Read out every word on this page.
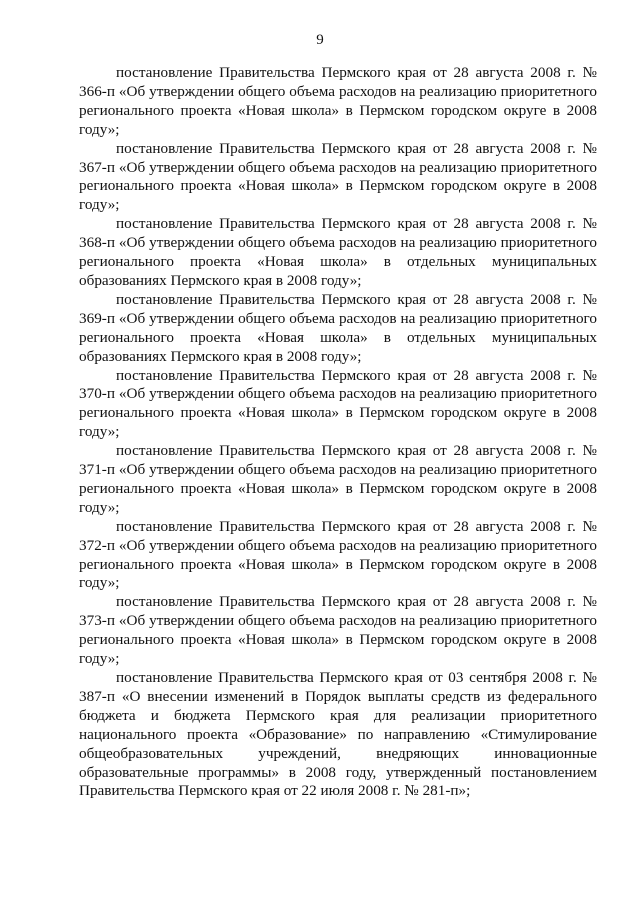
9

постановление Правительства Пермского края от 28 августа 2008 г. № 366-п «Об утверждении общего объема расходов на реализацию приоритетного регионального проекта «Новая школа» в Пермском городском округе в 2008 году»;

постановление Правительства Пермского края от 28 августа 2008 г. № 367-п «Об утверждении общего объема расходов на реализацию приоритетного регионального проекта «Новая школа» в Пермском городском округе в 2008 году»;

постановление Правительства Пермского края от 28 августа 2008 г. № 368-п «Об утверждении общего объема расходов на реализацию приоритетного регионального проекта «Новая школа» в отдельных муниципальных образованиях Пермского края в 2008 году»;

постановление Правительства Пермского края от 28 августа 2008 г. № 369-п «Об утверждении общего объема расходов на реализацию приоритетного регионального проекта «Новая школа» в отдельных муниципальных образованиях Пермского края в 2008 году»;

постановление Правительства Пермского края от 28 августа 2008 г. № 370-п «Об утверждении общего объема расходов на реализацию приоритетного регионального проекта «Новая школа» в Пермском городском округе в 2008 году»;

постановление Правительства Пермского края от 28 августа 2008 г. № 371-п «Об утверждении общего объема расходов на реализацию приоритетного регионального проекта «Новая школа» в Пермском городском округе в 2008 году»;

постановление Правительства Пермского края от 28 августа 2008 г. № 372-п «Об утверждении общего объема расходов на реализацию приоритетного регионального проекта «Новая школа» в Пермском городском округе в 2008 году»;

постановление Правительства Пермского края от 28 августа 2008 г. № 373-п «Об утверждении общего объема расходов на реализацию приоритетного регионального проекта «Новая школа» в Пермском городском округе в 2008 году»;

постановление Правительства Пермского края от 03 сентября 2008 г. № 387-п «О внесении изменений в Порядок выплаты средств из федерального бюджета и бюджета Пермского края для реализации приоритетного национального проекта «Образование» по направлению «Стимулирование общеобразовательных учреждений, внедряющих инновационные образовательные программы» в 2008 году, утвержденный постановлением Правительства Пермского края от 22 июля 2008 г. № 281-п»;
